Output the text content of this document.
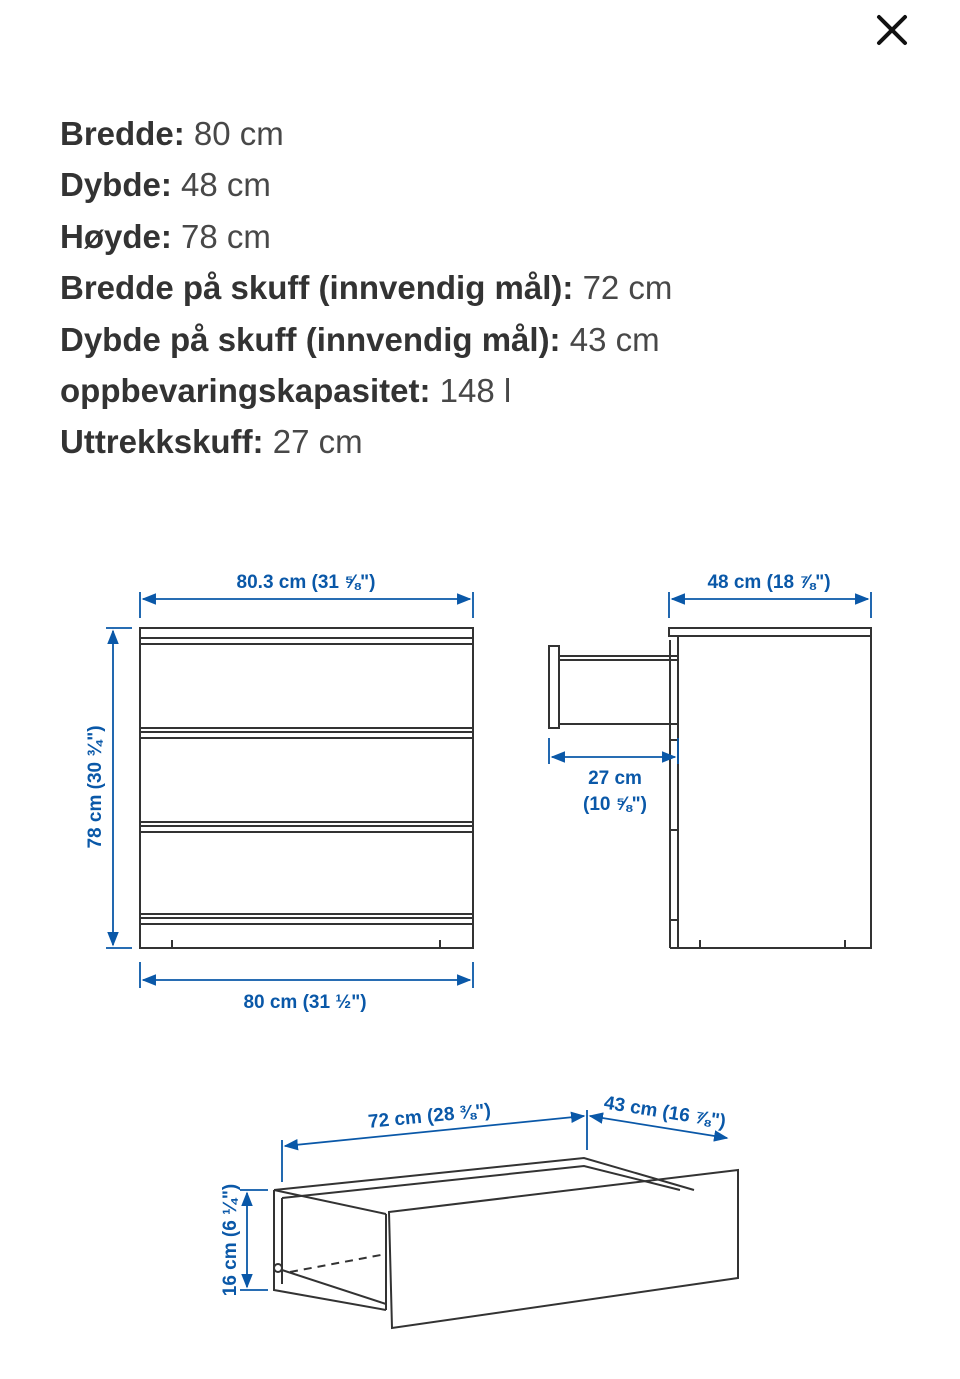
Bredde: 80 cm
Dybde: 48 cm
Høyde: 78 cm
Bredde på skuff (innvendig mål): 72 cm
Dybde på skuff (innvendig mål): 43 cm
oppbevaringskapasitet: 148 l
Uttrekkskuff: 27 cm
80.3 cm (31 ⅝")
78 cm (30 ¾")
80 cm (31 ½")
48 cm (18 ⅞")
27 cm
(10 ⅝")
72 cm (28 ⅜")	43 cm (16 ⅞")
16 cm (6 ¼")
